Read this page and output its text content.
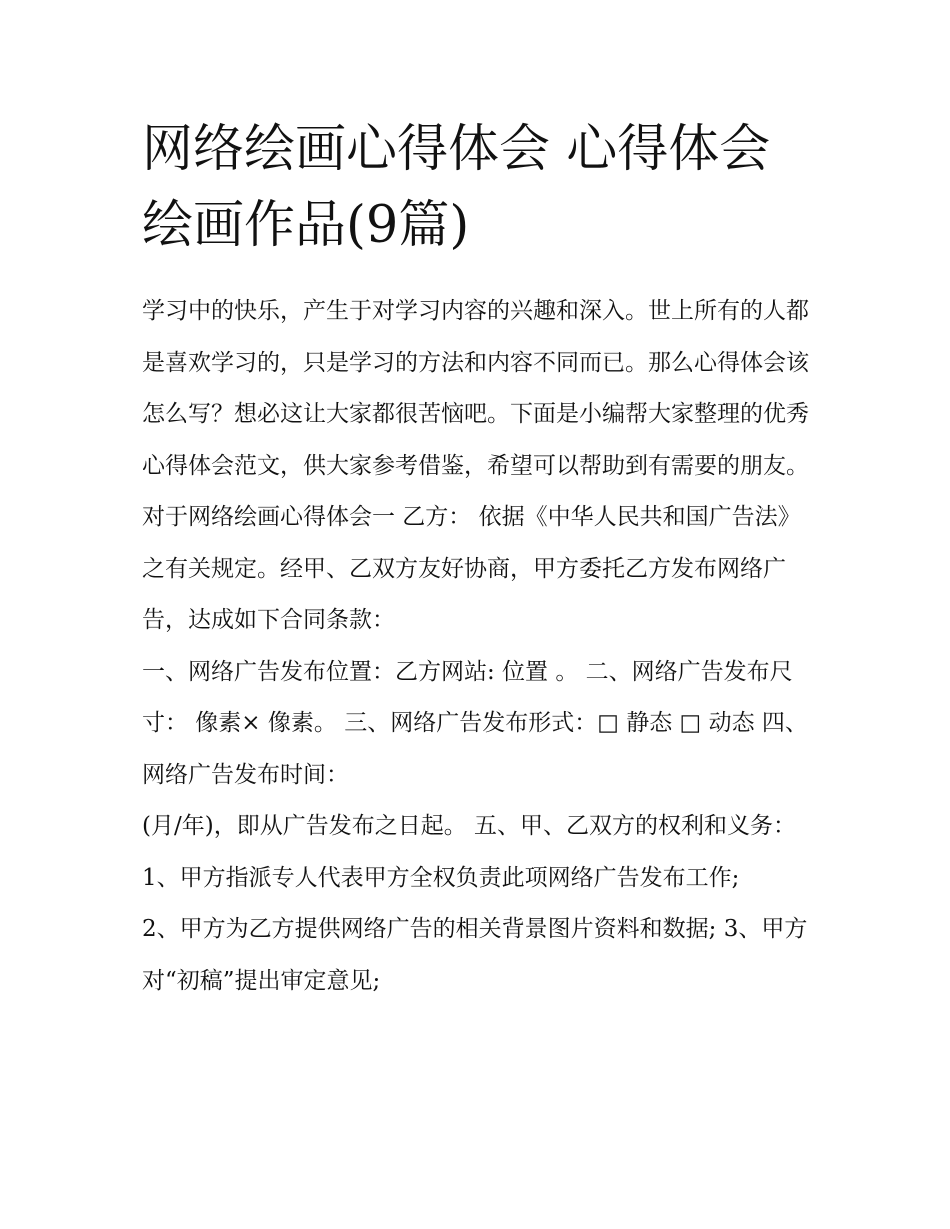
网络绘画心得体会 心得体会绘画作品(9篇)

学习中的快乐，产生于对学习内容的兴趣和深入。世上所有的人都是喜欢学习的，只是学习的方法和内容不同而已。那么心得体会该怎么写？想必这让大家都很苦恼吧。下面是小编帮大家整理的优秀心得体会范文，供大家参考借鉴，希望可以帮助到有需要的朋友。

对于网络绘画心得体会一 乙方： 依据《中华人民共和国广告法》之有关规定。经甲、乙双方友好协商，甲方委托乙方发布网络广告，达成如下合同条款：

一、网络广告发布位置：乙方网站: 位置 。 二、网络广告发布尺寸： 像素× 像素。 三、网络广告发布形式：□ 静态 □ 动态 四、网络广告发布时间：

(月/年)，即从广告发布之日起。 五、甲、乙双方的权利和义务： 1、甲方指派专人代表甲方全权负责此项网络广告发布工作;

2、甲方为乙方提供网络广告的相关背景图片资料和数据; 3、甲方对“初稿”提出审定意见;
